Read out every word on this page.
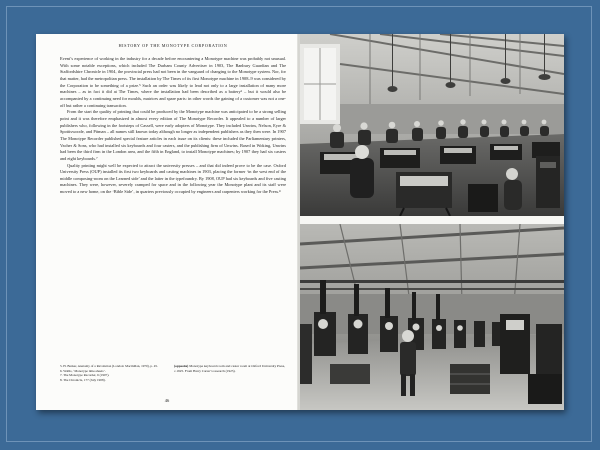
HISTORY OF THE MONOTYPE CORPORATION

Event’s experience of working in the industry for a decade before encountering a Monotype machine was probably not unusual. With some notable exceptions, which included The Durham County Advertiser in 1903, The Banbury Guardian and The Staffordshire Chronicle in 1904, the provincial press had not been in the vanguard of changing to the Monotype system. Nor, for that matter, had the metropolitan press. The installation by The Times of its first Monotype machine in 1908–9 was considered by the Corporation to be something of a prize.⁵ Such an order was likely to lead not only to a large installation of many more machines – as in fact it did at The Times, where the installation had been described as a battery⁶ – but it would also be accompanied by a continuing need for moulds, matrices and spare parts: in other words the gaining of a customer was not a one-off but rather a continuing transaction.

From the start the quality of printing that could be produced by the Monotype machine was anticipated to be a strong selling point and it was therefore emphasized in almost every edition of The Monotype Recorder. It appealed to a number of larger publishers who, following in the footsteps of Cassell, were early adopters of Monotype. They included Unwins, Nelson, Eyre & Spottiswoode, and Pitman – all names still known today although no longer as independent publishers as they then were. In 1907 The Monotype Recorder published special feature articles in each issue on its clients: these included the Parliamentary printers, Vacher & Sons, who had installed six keyboards and four casters, and the publishing firm of Unwins. Based in Woking, Unwins had been the third firm in the London area, and the fifth in England, to install Monotype machines; by 1907 they had six casters and eight keyboards.⁷

Quality printing might well be expected to attract the university presses – and that did indeed prove to be the case. Oxford University Press (OUP) installed its first two keyboards and casting machines in 1903, placing the former ‘in the west end of the middle composing-room on the Learned side’ and the latter in the typefoundry. By 1908, OUP had six keyboards and five casting machines. They were, however, severely cramped for space and in the following year the Monotype plant and its staff were moved to a new home, on the ‘Bible Side’, in quarters previously occupied by engineers and carpenters working for the Press.⁸

5. H. Barker, Anatomy of a Revolution (London: Macmillan, 1970), p. 45.
6. Wallis, ‘Monotype time-sheets’.
7. The Monotype Recorder, 6 (1907).
8. The Chronicle, 177 (July 1908).
(opposite) Monotype keyboard room and caster room at Oxford University Press, c.1925. From Harry Carter’s research (1925).
46
